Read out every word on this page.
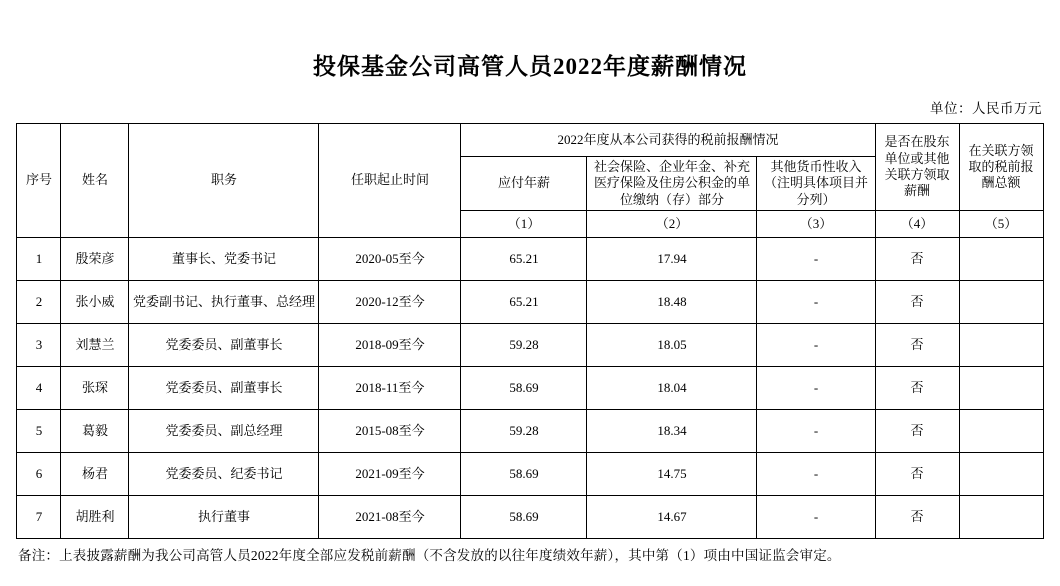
投保基金公司高管人员2022年度薪酬情况
单位：人民币万元
序号	姓名	职务	任职起止时间	2022年度从本公司获得的税前报酬情况			是否在股东单位或其他关联方领取薪酬	在关联方领取的税前报酬总额
				应付年薪	社会保险、企业年金、补充医疗保险及住房公积金的单位缴纳（存）部分	其他货币性收入（注明具体项目并分列）		
				（1）	（2）	（3）	（4）	（5）
1	殷荣彦	董事长、党委书记	2020-05至今	65.21	17.94	-	否	
2	张小威	党委副书记、执行董事、总经理	2020-12至今	65.21	18.48	-	否	
3	刘慧兰	党委委员、副董事长	2018-09至今	59.28	18.05	-	否	
4	张琛	党委委员、副董事长	2018-11至今	58.69	18.04	-	否	
5	葛毅	党委委员、副总经理	2015-08至今	59.28	18.34	-	否	
6	杨君	党委委员、纪委书记	2021-09至今	58.69	14.75	-	否	
7	胡胜利	执行董事	2021-08至今	58.69	14.67	-	否	
备注：上表披露薪酬为我公司高管人员2022年度全部应发税前薪酬（不含发放的以往年度绩效年薪），其中第（1）项由中国证监会审定。
